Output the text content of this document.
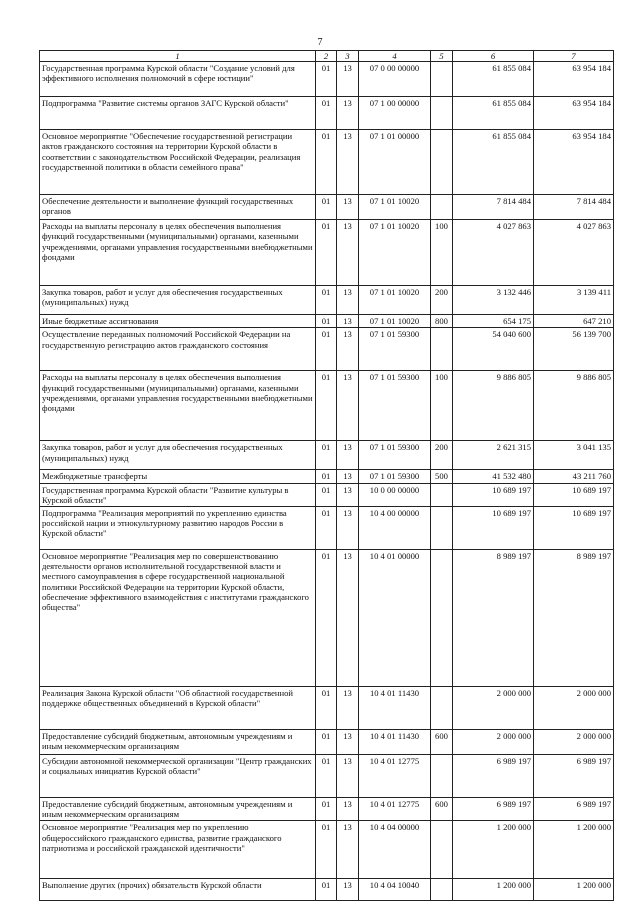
7
1	2	3	4	5	6	7
Государственная программа Курской области "Создание условий для эффективного исполнения полномочий в сфере юстиции"	01	13	07 0 00 00000		61 855 084	63 954 184
Подпрограмма "Развитие системы органов ЗАГС Курской области"	01	13	07 1 00 00000		61 855 084	63 954 184
Основное мероприятие "Обеспечение государственной регистрации актов гражданского состояния на территории Курской области в соответствии с законодательством Российской Федерации, реализация государственной политики в области семейного права"	01	13	07 1 01 00000		61 855 084	63 954 184
Обеспечение деятельности и выполнение функций государственных органов	01	13	07 1 01 10020		7 814 484	7 814 484
Расходы на выплаты персоналу в целях обеспечения выполнения функций государственными (муниципальными) органами, казенными учреждениями, органами управления государственными внебюджетными фондами	01	13	07 1 01 10020	100	4 027 863	4 027 863
Закупка товаров, работ и услуг для обеспечения государственных (муниципальных) нужд	01	13	07 1 01 10020	200	3 132 446	3 139 411
Иные бюджетные ассигнования	01	13	07 1 01 10020	800	654 175	647 210
Осуществление переданных полномочий Российской Федерации на государственную регистрацию актов гражданского состояния	01	13	07 1 01 59300		54 040 600	56 139 700
Расходы на выплаты персоналу в целях обеспечения выполнения функций государственными (муниципальными) органами, казенными учреждениями, органами управления государственными внебюджетными фондами	01	13	07 1 01 59300	100	9 886 805	9 886 805
Закупка товаров, работ и услуг для обеспечения государственных (муниципальных) нужд	01	13	07 1 01 59300	200	2 621 315	3 041 135
Межбюджетные трансферты	01	13	07 1 01 59300	500	41 532 480	43 211 760
Государственная программа Курской области "Развитие культуры в Курской области"	01	13	10 0 00 00000		10 689 197	10 689 197
Подпрограмма "Реализация мероприятий по укреплению единства российской нации и этнокультурному развитию народов России в Курской области"	01	13	10 4 00 00000		10 689 197	10 689 197
Основное мероприятие "Реализация мер по совершенствованию деятельности органов исполнительной государственной власти и местного самоуправления в сфере государственной национальной политики Российской Федерации на территории Курской области, обеспечение эффективного взаимодействия с институтами гражданского общества"	01	13	10 4 01 00000		8 989 197	8 989 197
Реализация Закона Курской области "Об областной государственной поддержке общественных объединений в Курской области"	01	13	10 4 01 11430		2 000 000	2 000 000
Предоставление субсидий бюджетным, автономным учреждениям и иным некоммерческим организациям	01	13	10 4 01 11430	600	2 000 000	2 000 000
Субсидии автономной некоммерческой организации "Центр гражданских и социальных инициатив Курской области"	01	13	10 4 01 12775		6 989 197	6 989 197
Предоставление субсидий бюджетным, автономным учреждениям и иным некоммерческим организациям	01	13	10 4 01 12775	600	6 989 197	6 989 197
Основное мероприятие "Реализация мер по укреплению общероссийского гражданского единства, развитие гражданского патриотизма и российской гражданской идентичности"	01	13	10 4 04 00000		1 200 000	1 200 000
Выполнение других (прочих) обязательств Курской области	01	13	10 4 04 10040		1 200 000	1 200 000
